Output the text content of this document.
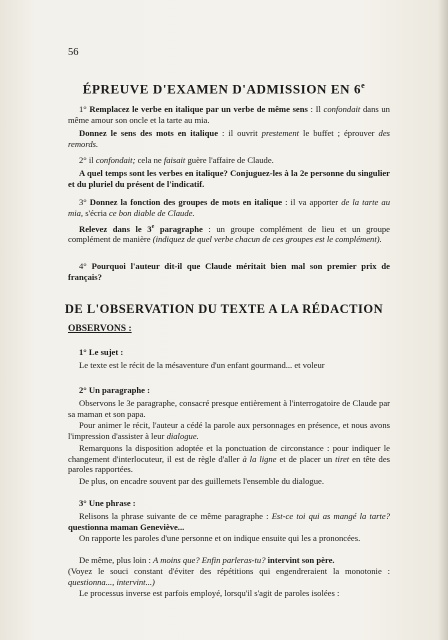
56
ÉPREUVE D'EXAMEN D'ADMISSION EN 6e
1° Remplacez le verbe en italique par un verbe de même sens : Il confondait dans un même amour son oncle et la tarte au mia.
Donnez le sens des mots en italique : il ouvrit prestement le buffet ; éprouver des remords.
2° il confondait; cela ne faisait guère l'affaire de Claude.
A quel temps sont les verbes en italique? Conjuguez-les à la 2e personne du singulier et du pluriel du présent de l'indicatif.
3° Donnez la fonction des groupes de mots en italique : il va apporter de la tarte au mia, s'écria ce bon diable de Claude.
Relevez dans le 3e paragraphe : un groupe complément de lieu et un groupe complément de manière (indiquez de quel verbe chacun de ces groupes est le complément).
4° Pourquoi l'auteur dit-il que Claude méritait bien mal son premier prix de français?
OBSERVONS :
1° Le sujet :
Le texte est le récit de la mésaventure d'un enfant gourmand... et voleur
2° Un paragraphe :
Observons le 3e paragraphe, consacré presque entièrement à l'interrogatoire de Claude par sa maman et son papa.
Pour animer le récit, l'auteur a cédé la parole aux personnages en présence, et nous avons l'impression d'assister à leur dialogue.
Remarquons la disposition adoptée et la ponctuation de circonstance : pour indiquer le changement d'interlocuteur, il est de règle d'aller à la ligne et de placer un tiret en tête des paroles rapportées.
De plus, on encadre souvent par des guillemets l'ensemble du dialogue.
3° Une phrase :
Relisons la phrase suivante de ce même paragraphe : Est-ce toi qui as mangé la tarte? questionna maman Geneviève...
On rapporte les paroles d'une personne et on indique ensuite qui les a prononcées.
De même, plus loin : A moins que? Enfin parleras-tu? intervint son père.
(Voyez le souci constant d'éviter des répétitions qui engendreraient la monotonie : questionna..., intervint...)
Le processus inverse est parfois employé, lorsqu'il s'agit de paroles isolées :
DE L'OBSERVATION DU TEXTE A LA RÉDACTION
